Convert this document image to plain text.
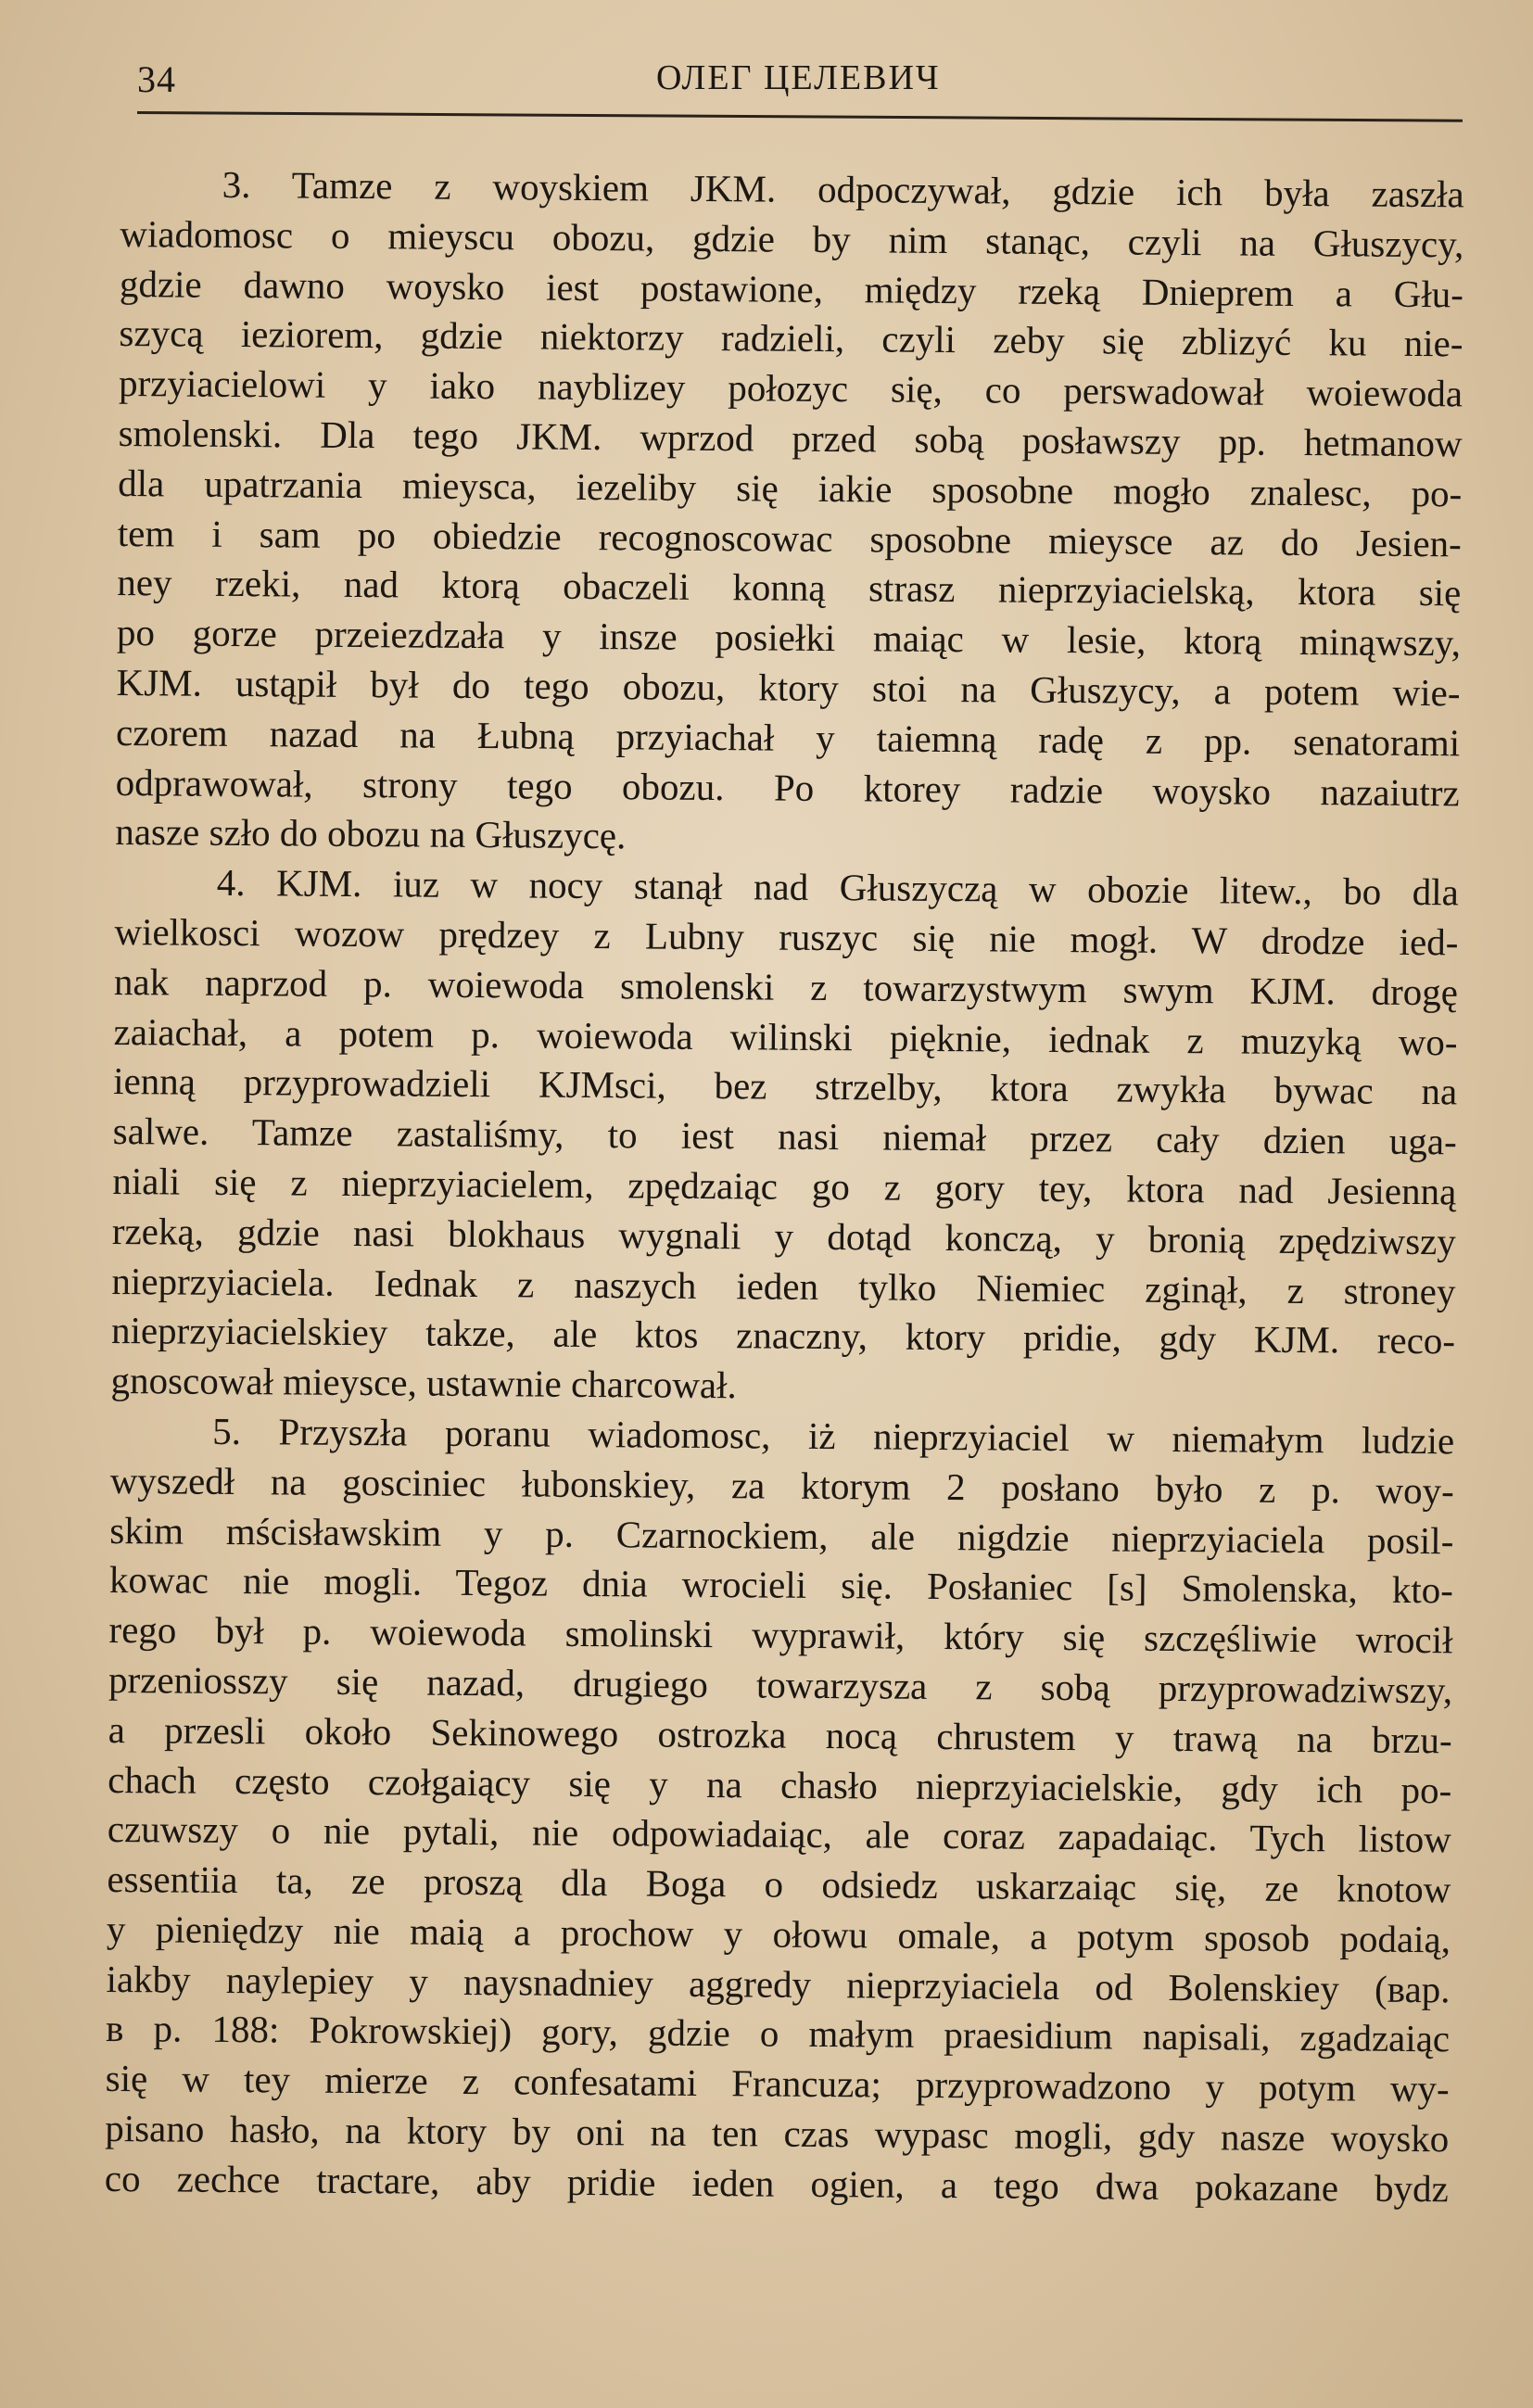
34	ОЛЕГ ЦЕЛЕВИЧ
3. Tamze z woyskiem JKM. odpoczywał, gdzie ich była zaszła
wiadomosc o mieyscu obozu, gdzie by nim stanąc, czyli na Głuszycy,
gdzie dawno woysko iest postawione, między rzeką Dnieprem a Głu-
szycą ieziorem, gdzie niektorzy radzieli, czyli zeby się zblizyć ku nie-
przyiacielowi y iako nayblizey połozyc się, co perswadował woiewoda
smolenski. Dla tego JKM. wprzod przed sobą posławszy pp. hetmanow
dla upatrzania mieysca, iezeliby się iakie sposobne mogło znalesc, po-
tem i sam po obiedzie recognoscowac sposobne mieysce az do Jesien-
ney rzeki, nad ktorą obaczeli konną strasz nieprzyiacielską, ktora się
po gorze przeiezdzała y insze posiełki maiąc w lesie, ktorą minąwszy,
KJM. ustąpił był do tego obozu, ktory stoi na Głuszycy, a potem wie-
czorem nazad na Łubną przyiachał y taiemną radę z pp. senatorami
odprawował, strony tego obozu. Po ktorey radzie woysko nazaiutrz
nasze szło do obozu na Głuszycę.
4. KJM. iuz w nocy stanął nad Głuszyczą w obozie litew., bo dla
wielkosci wozow prędzey z Lubny ruszyc się nie mogł. W drodze ied-
nak naprzod p. woiewoda smolenski z towarzystwym swym KJM. drogę
zaiachał, a potem p. woiewoda wilinski pięknie, iednak z muzyką wo-
ienną przyprowadzieli KJMsci, bez strzelby, ktora zwykła bywac na
salwe. Tamze zastaliśmy, to iest nasi niemał przez cały dzien uga-
niali się z nieprzyiacielem, zpędzaiąc go z gory tey, ktora nad Jesienną
rzeką, gdzie nasi blokhaus wygnali y dotąd konczą, y bronią zpędziwszy
nieprzyiaciela. Iednak z naszych ieden tylko Niemiec zginął, z stroney
nieprzyiacielskiey takze, ale ktos znaczny, ktory pridie, gdy KJM. reco-
gnoscował mieysce, ustawnie charcował.
5. Przyszła poranu wiadomosc, iż nieprzyiaciel w niemałym ludzie
wyszedł na gosciniec łubonskiey, za ktorym 2 posłano było z p. woy-
skim mścisławskim y p. Czarnockiem, ale nigdzie nieprzyiaciela posil-
kowac nie mogli. Tegoz dnia wrocieli się. Posłaniec [s] Smolenska, kto-
rego był p. woiewoda smolinski wyprawił, który się szczęśliwie wrocił
przeniosszy się nazad, drugiego towarzysza z sobą przyprowadziwszy,
a przesli około Sekinowego ostrozka nocą chrustem y trawą na brzu-
chach często czołgaiący się y na chasło nieprzyiacielskie, gdy ich po-
czuwszy o nie pytali, nie odpowiadaiąc, ale coraz zapadaiąc. Tych listow
essentiia ta, ze proszą dla Boga o odsiedz uskarzaiąc się, ze knotow
y pieniędzy nie maią a prochow y ołowu omale, a potym sposob podaią,
iakby naylepiey y naysnadniey aggredy nieprzyiaciela od Bolenskiey (вар.
в р. 188: Pokrowskiej) gory, gdzie o małym praesidium napisali, zgadzaiąc
się w tey mierze z confesatami Francuza; przyprowadzono y potym wy-
pisano hasło, na ktory by oni na ten czas wypasc mogli, gdy nasze woysko
co zechce tractare, aby pridie ieden ogien, a tego dwa pokazane bydz
